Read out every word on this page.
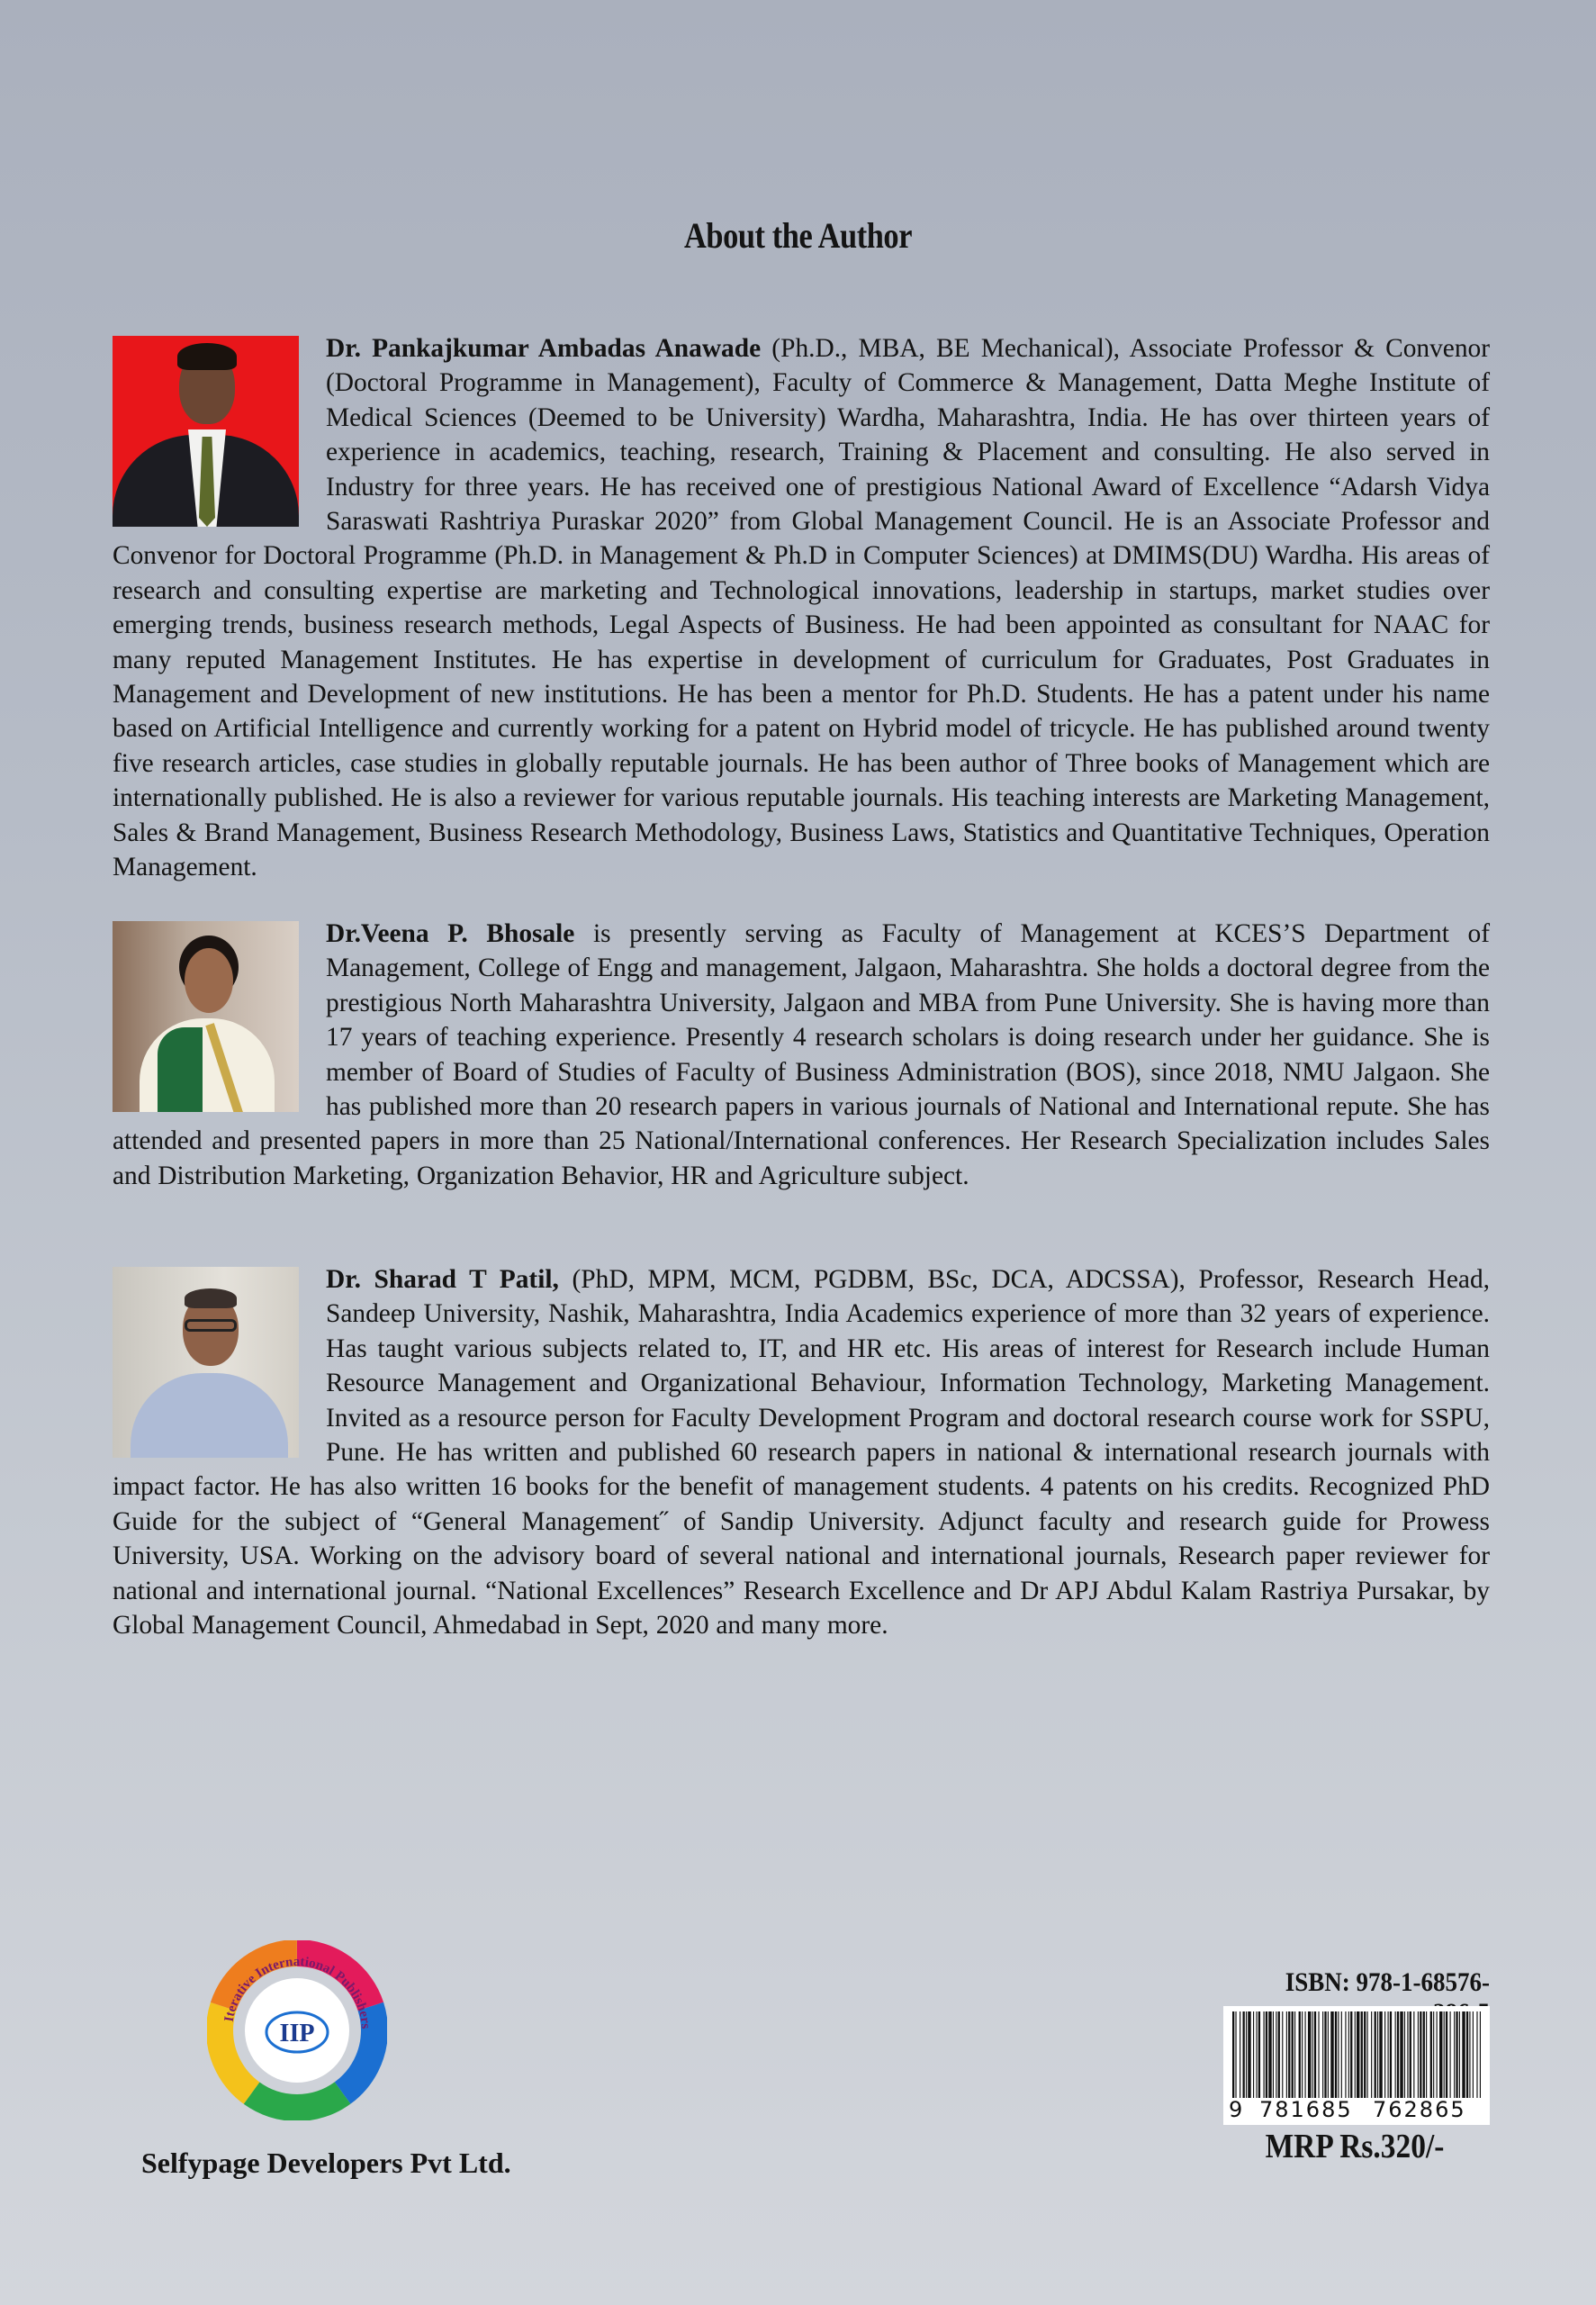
About the Author

Dr. Pankajkumar Ambadas Anawade (Ph.D., MBA, BE Mechanical), Associate Professor & Convenor (Doctoral Programme in Management), Faculty of Commerce & Management, Datta Meghe Institute of Medical Sciences (Deemed to be University) Wardha, Maharashtra, India. He has over thirteen years of experience in academics, teaching, research, Training & Placement and consulting. He also served in Industry for three years. He has received one of prestigious National Award of Excellence “Adarsh Vidya Saraswati Rashtriya Puraskar 2020” from Global Management Council. He is an Associate Professor and Convenor for Doctoral Programme (Ph.D. in Management & Ph.D in Computer Sciences) at DMIMS(DU) Wardha. His areas of research and consulting expertise are marketing and Technological innovations, leadership in startups, market studies over emerging trends, business research methods, Legal Aspects of Business. He had been appointed as consultant for NAAC for many reputed Management Institutes. He has expertise in development of curriculum for Graduates, Post Graduates in Management and Development of new institutions. He has been a mentor for Ph.D. Students. He has a patent under his name based on Artificial Intelligence and currently working for a patent on Hybrid model of tricycle. He has published around twenty five research articles, case studies in globally reputable journals. He has been author of Three books of Management which are internationally published. He is also a reviewer for various reputable journals. His teaching interests are Marketing Management, Sales & Brand Management, Business Research Methodology, Business Laws, Statistics and Quantitative Techniques, Operation Management.

Dr.Veena P. Bhosale is presently serving as Faculty of Management at KCES’S Department of Management, College of Engg and management, Jalgaon, Maharashtra. She holds a doctoral degree from the prestigious North Maharashtra University, Jalgaon and MBA from Pune University. She is having more than 17 years of teaching experience. Presently 4 research scholars is doing research under her guidance. She is member of Board of Studies of Faculty of Business Administration (BOS), since 2018, NMU Jalgaon. She has published more than 20 research papers in various journals of National and International repute. She has attended and presented papers in more than 25 National/International conferences. Her Research Specialization includes Sales and Distribution Marketing, Organization Behavior, HR and Agriculture subject.

Dr. Sharad T Patil, (PhD, MPM, MCM, PGDBM, BSc, DCA, ADCSSA), Professor, Research Head, Sandeep University, Nashik, Maharashtra, India Academics experience of more than 32 years of experience. Has taught various subjects related to, IT, and HR etc. His areas of interest for Research include Human Resource Management and Organizational Behaviour, Information Technology, Marketing Management. Invited as a resource person for Faculty Development Program and doctoral research course work for SSPU, Pune. He has written and published 60 research papers in national & international research journals with impact factor. He has also written 16 books for the benefit of management students. 4 patents on his credits. Recognized PhD Guide for the subject of “General Management˝ of Sandip University. Adjunct faculty and research guide for Prowess University, USA. Working on the advisory board of several national and international journals, Research paper reviewer for national and international journal. “National Excellences” Research Excellence and Dr APJ Abdul Kalam Rastriya Pursakar, by Global Management Council, Ahmedabad in Sept, 2020 and many more.

Iterative International Publishers
IIP
Selfypage Developers Pvt Ltd.
ISBN: 978-1-68576-
9 781685 762865
MRP Rs.320/-
